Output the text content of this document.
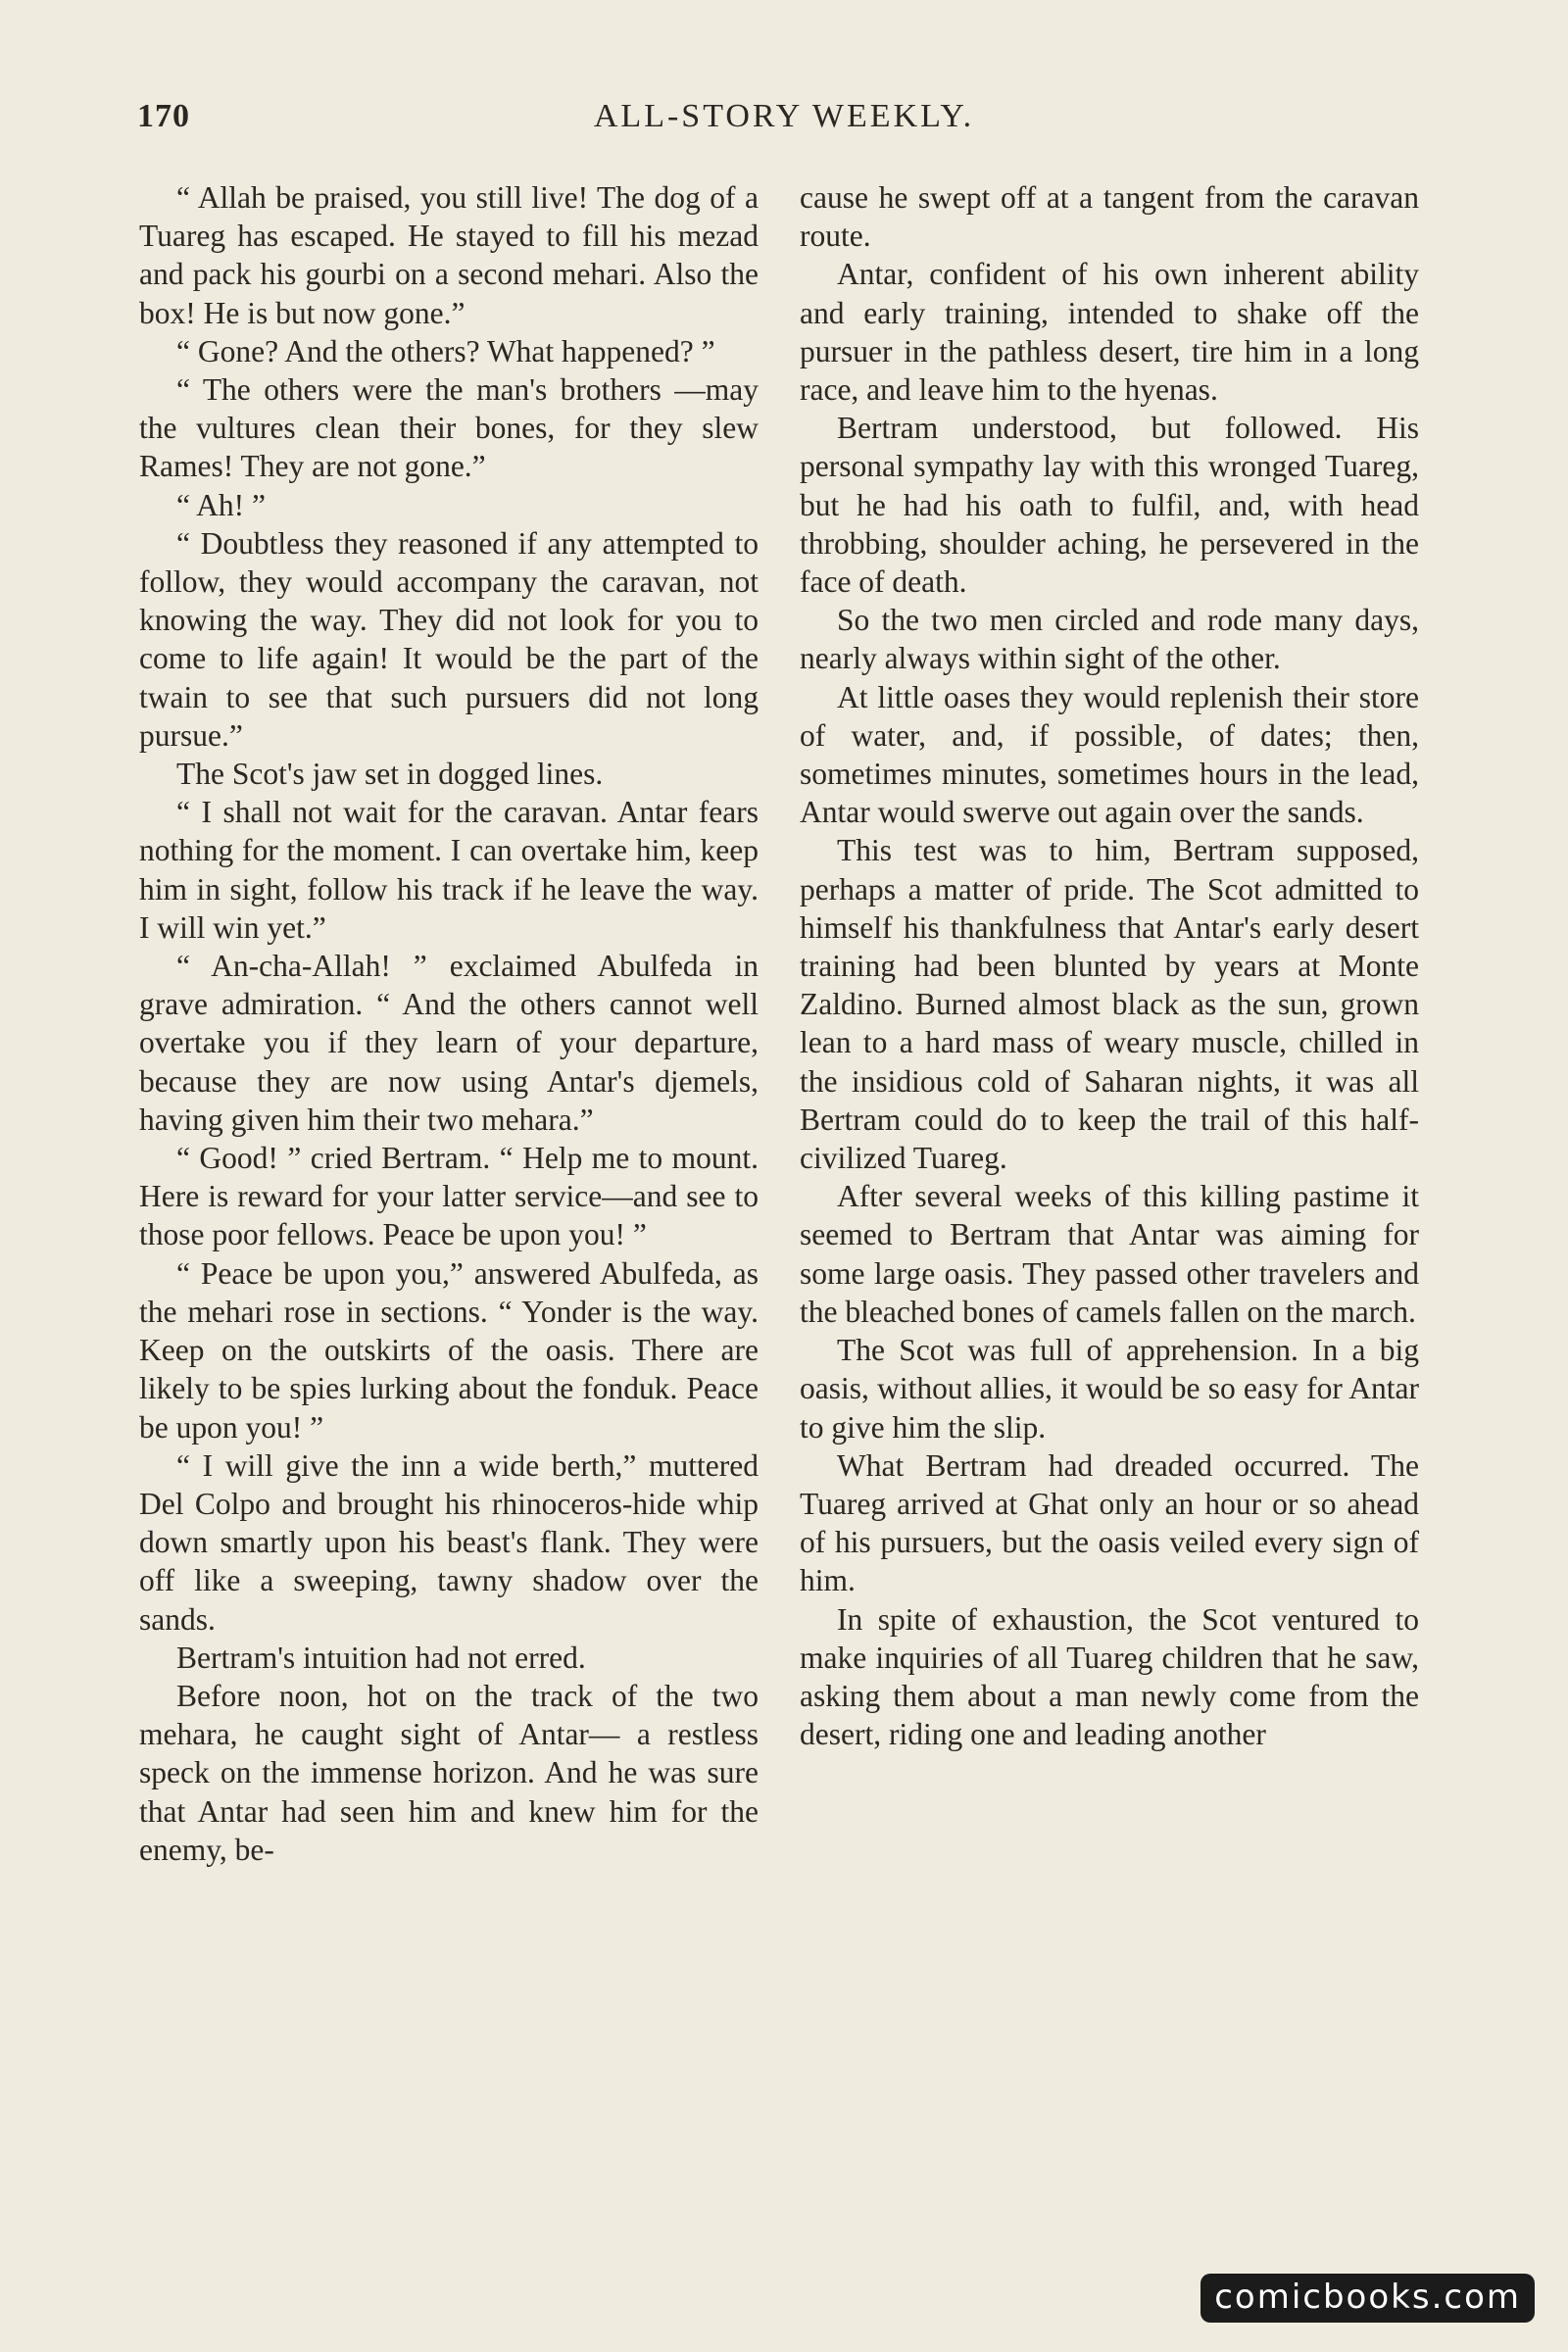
170	ALL-STORY WEEKLY.

“ Allah be praised, you still live! The dog of a Tuareg has escaped. He stayed to fill his mezad and pack his gourbi on a second mehari. Also the box! He is but now gone.”

“ Gone? And the others? What happened? ”

“ The others were the man's brothers —may the vultures clean their bones, for they slew Rames! They are not gone.”

“ Ah! ”

“ Doubtless they reasoned if any attempted to follow, they would accompany the caravan, not knowing the way. They did not look for you to come to life again! It would be the part of the twain to see that such pursuers did not long pursue.”

The Scot's jaw set in dogged lines.

“ I shall not wait for the caravan. Antar fears nothing for the moment. I can overtake him, keep him in sight, follow his track if he leave the way. I will win yet.”

“ An-cha-Allah! ” exclaimed Abulfeda in grave admiration. “ And the others cannot well overtake you if they learn of your departure, because they are now using Antar's djemels, having given him their two mehara.”

“ Good! ” cried Bertram. “ Help me to mount. Here is reward for your latter service—and see to those poor fellows. Peace be upon you! ”

“ Peace be upon you,” answered Abulfeda, as the mehari rose in sections. “ Yonder is the way. Keep on the outskirts of the oasis. There are likely to be spies lurking about the fonduk. Peace be upon you! ”

“ I will give the inn a wide berth,” muttered Del Colpo and brought his rhinoceros-hide whip down smartly upon his beast's flank. They were off like a sweeping, tawny shadow over the sands.

Bertram's intuition had not erred.

Before noon, hot on the track of the two mehara, he caught sight of Antar— a restless speck on the immense horizon. And he was sure that Antar had seen him and knew him for the enemy, be-

cause he swept off at a tangent from the caravan route.

Antar, confident of his own inherent ability and early training, intended to shake off the pursuer in the pathless desert, tire him in a long race, and leave him to the hyenas.

Bertram understood, but followed. His personal sympathy lay with this wronged Tuareg, but he had his oath to fulfil, and, with head throbbing, shoulder aching, he persevered in the face of death.

So the two men circled and rode many days, nearly always within sight of the other.

At little oases they would replenish their store of water, and, if possible, of dates; then, sometimes minutes, sometimes hours in the lead, Antar would swerve out again over the sands.

This test was to him, Bertram supposed, perhaps a matter of pride. The Scot admitted to himself his thankfulness that Antar's early desert training had been blunted by years at Monte Zaldino. Burned almost black as the sun, grown lean to a hard mass of weary muscle, chilled in the insidious cold of Saharan nights, it was all Bertram could do to keep the trail of this half-civilized Tuareg.

After several weeks of this killing pastime it seemed to Bertram that Antar was aiming for some large oasis. They passed other travelers and the bleached bones of camels fallen on the march.

The Scot was full of apprehension. In a big oasis, without allies, it would be so easy for Antar to give him the slip.

What Bertram had dreaded occurred. The Tuareg arrived at Ghat only an hour or so ahead of his pursuers, but the oasis veiled every sign of him.

In spite of exhaustion, the Scot ventured to make inquiries of all Tuareg children that he saw, asking them about a man newly come from the desert, riding one and leading another

comicbooks.com
